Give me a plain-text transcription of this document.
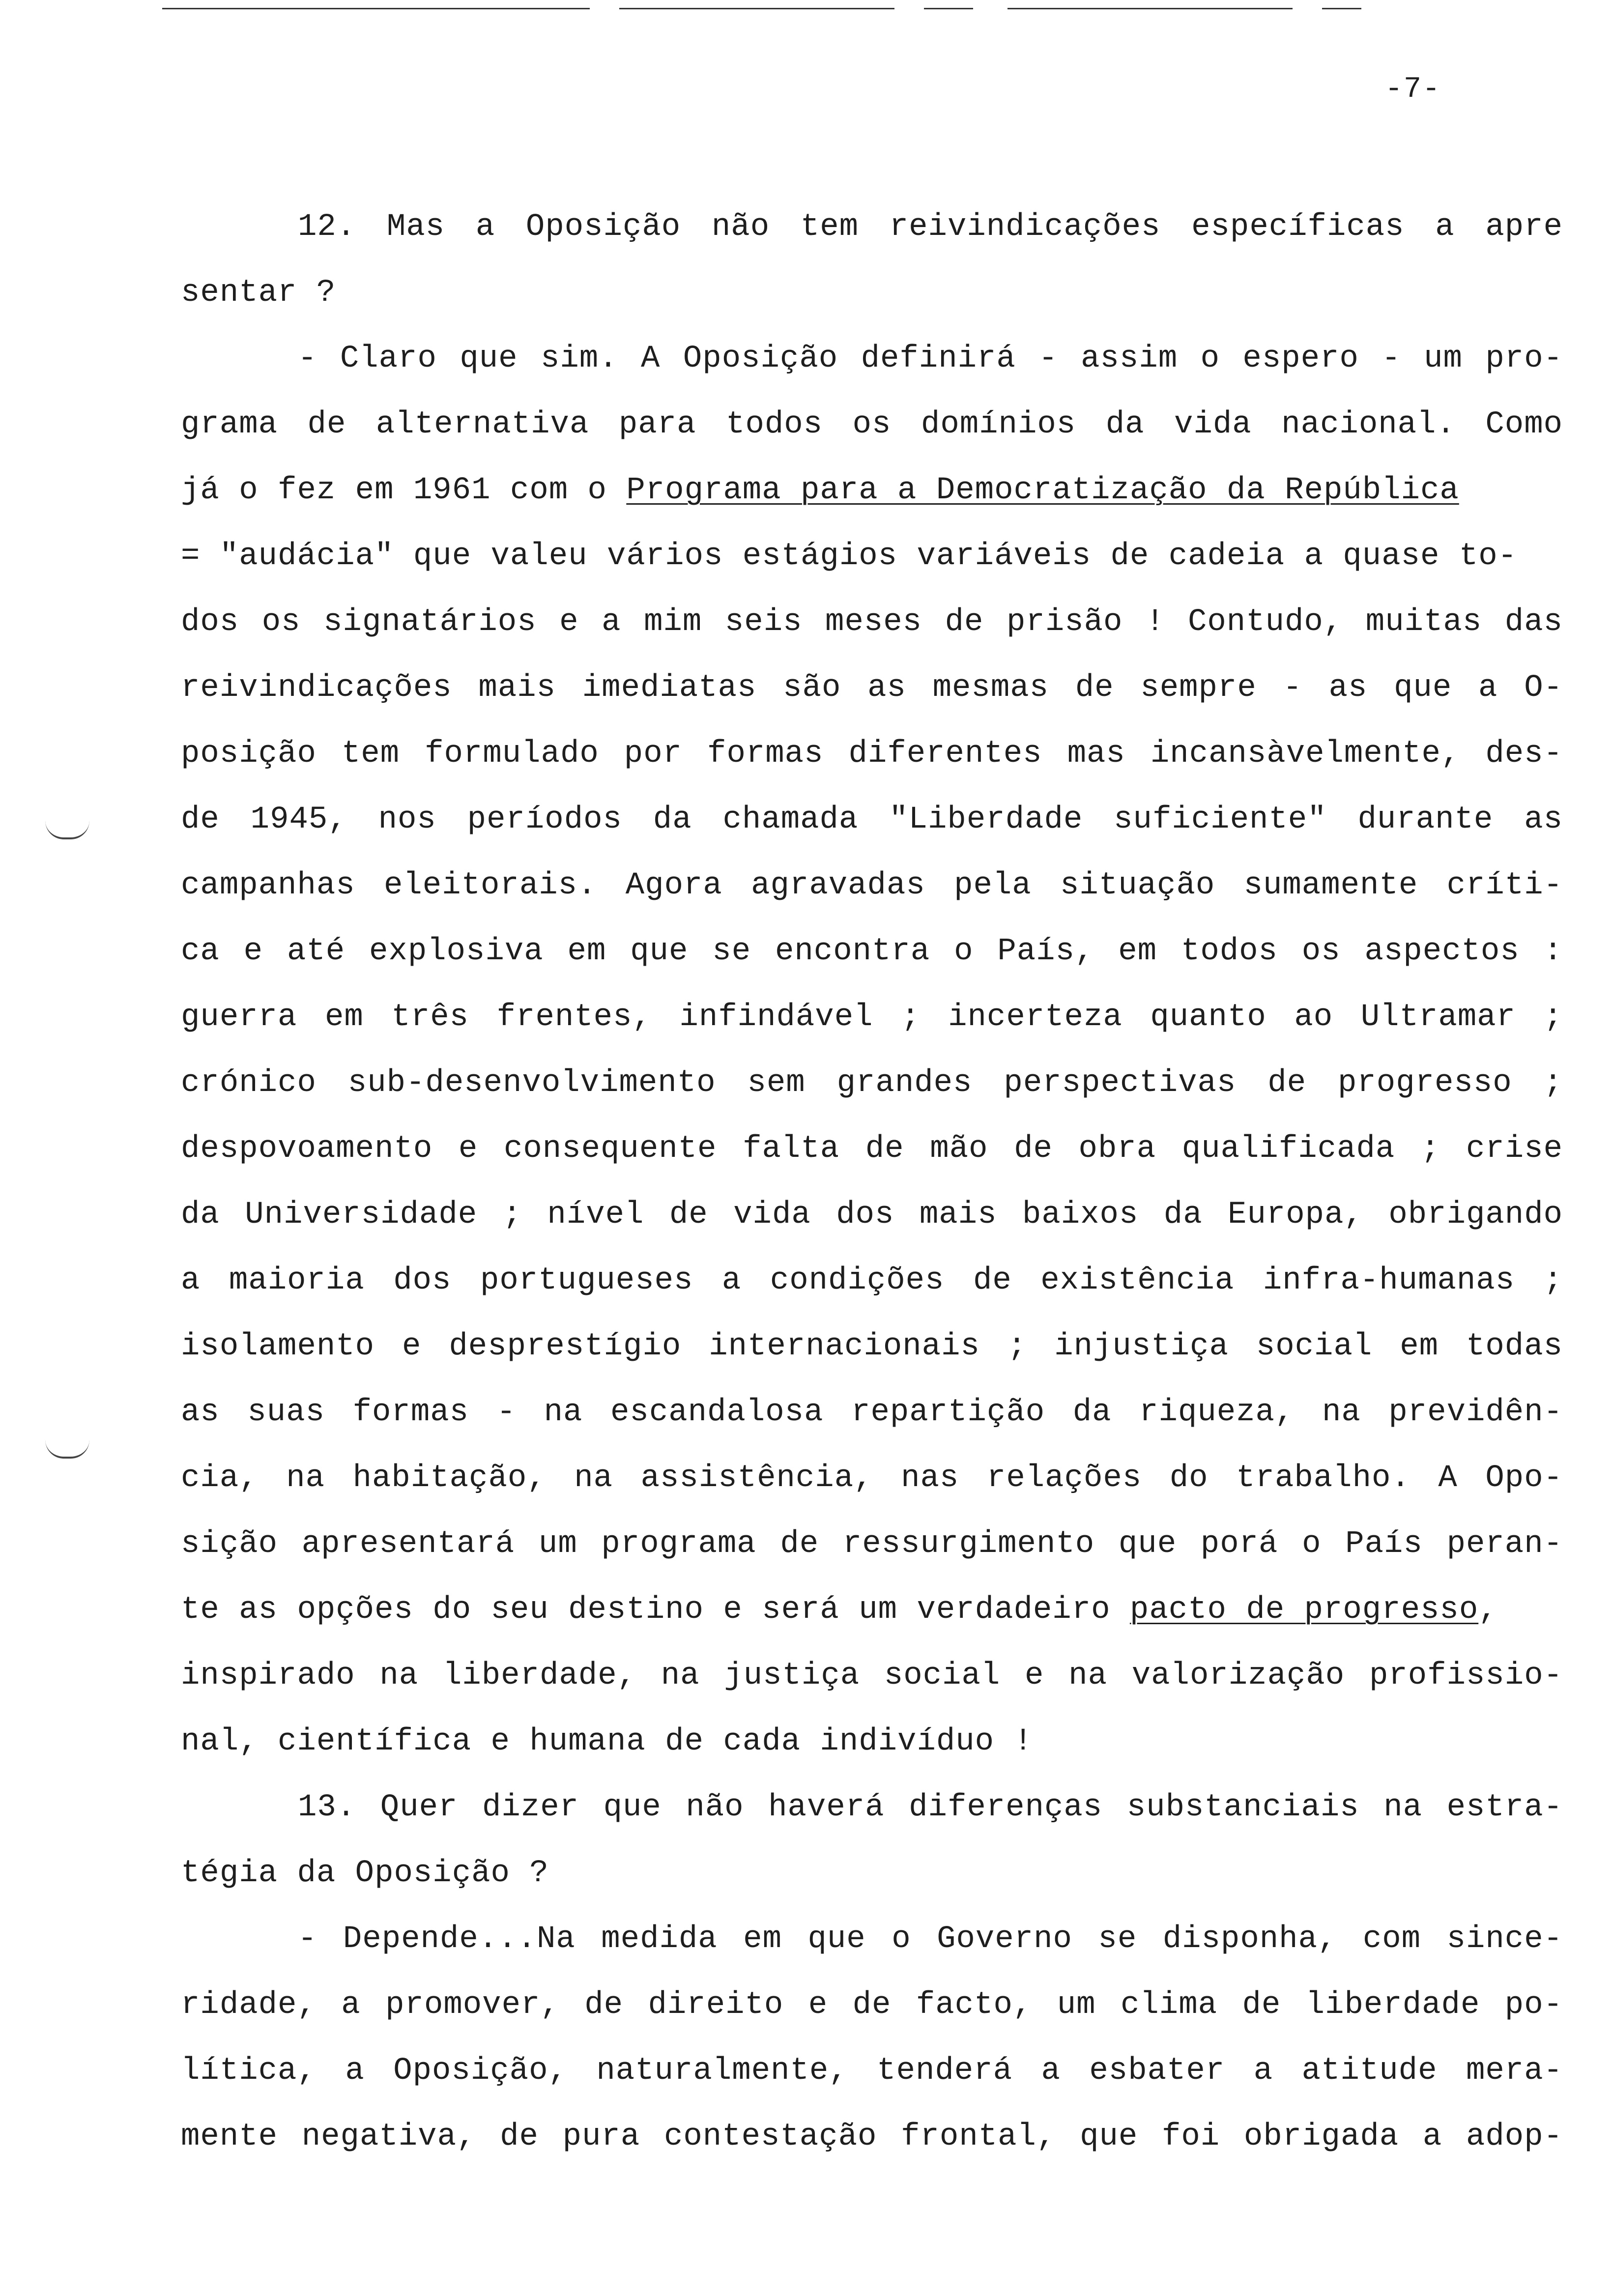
-7-
12. Mas a Oposição não tem reivindicações específicas a apre
sentar ?
- Claro que sim. A Oposição definirá - assim o espero - um pro-
grama de alternativa para todos os domínios da vida nacional. Como
já o fez em 1961 com o Programa para a Democratização da República
= "audácia" que valeu vários estágios variáveis de cadeia a quase to-
dos os signatários e a mim seis meses de prisão ! Contudo, muitas das
reivindicações mais imediatas são as mesmas de sempre - as que a O-
posição tem formulado por formas diferentes mas incansàvelmente, des-
de 1945, nos períodos da chamada "Liberdade suficiente" durante as
campanhas eleitorais. Agora agravadas pela situação sumamente críti-
ca e até explosiva em que se encontra o País, em todos os aspectos :
guerra em três frentes, infindável ; incerteza quanto ao Ultramar ;
crónico sub-desenvolvimento sem grandes perspectivas de progresso ;
despovoamento e consequente falta de mão de obra qualificada ; crise
da Universidade ; nível de vida dos mais baixos da Europa, obrigando
a maioria dos portugueses a condições de existência infra-humanas ;
isolamento e desprestígio internacionais ; injustiça social em todas
as suas formas - na escandalosa repartição da riqueza, na previdên-
cia, na habitação, na assistência, nas relações do trabalho. A Opo-
sição apresentará um programa de ressurgimento que porá o País peran-
te as opções do seu destino e será um verdadeiro pacto de progresso,
inspirado na liberdade, na justiça social e na valorização profissio-
nal, científica e humana de cada indivíduo !
13. Quer dizer que não haverá diferenças substanciais na estra-
tégia da Oposição ?
- Depende...Na medida em que o Governo se disponha, com since-
ridade, a promover, de direito e de facto, um clima de liberdade po-
lítica, a Oposição, naturalmente, tenderá a esbater a atitude mera-
mente negativa, de pura contestação frontal, que foi obrigada a adop-
